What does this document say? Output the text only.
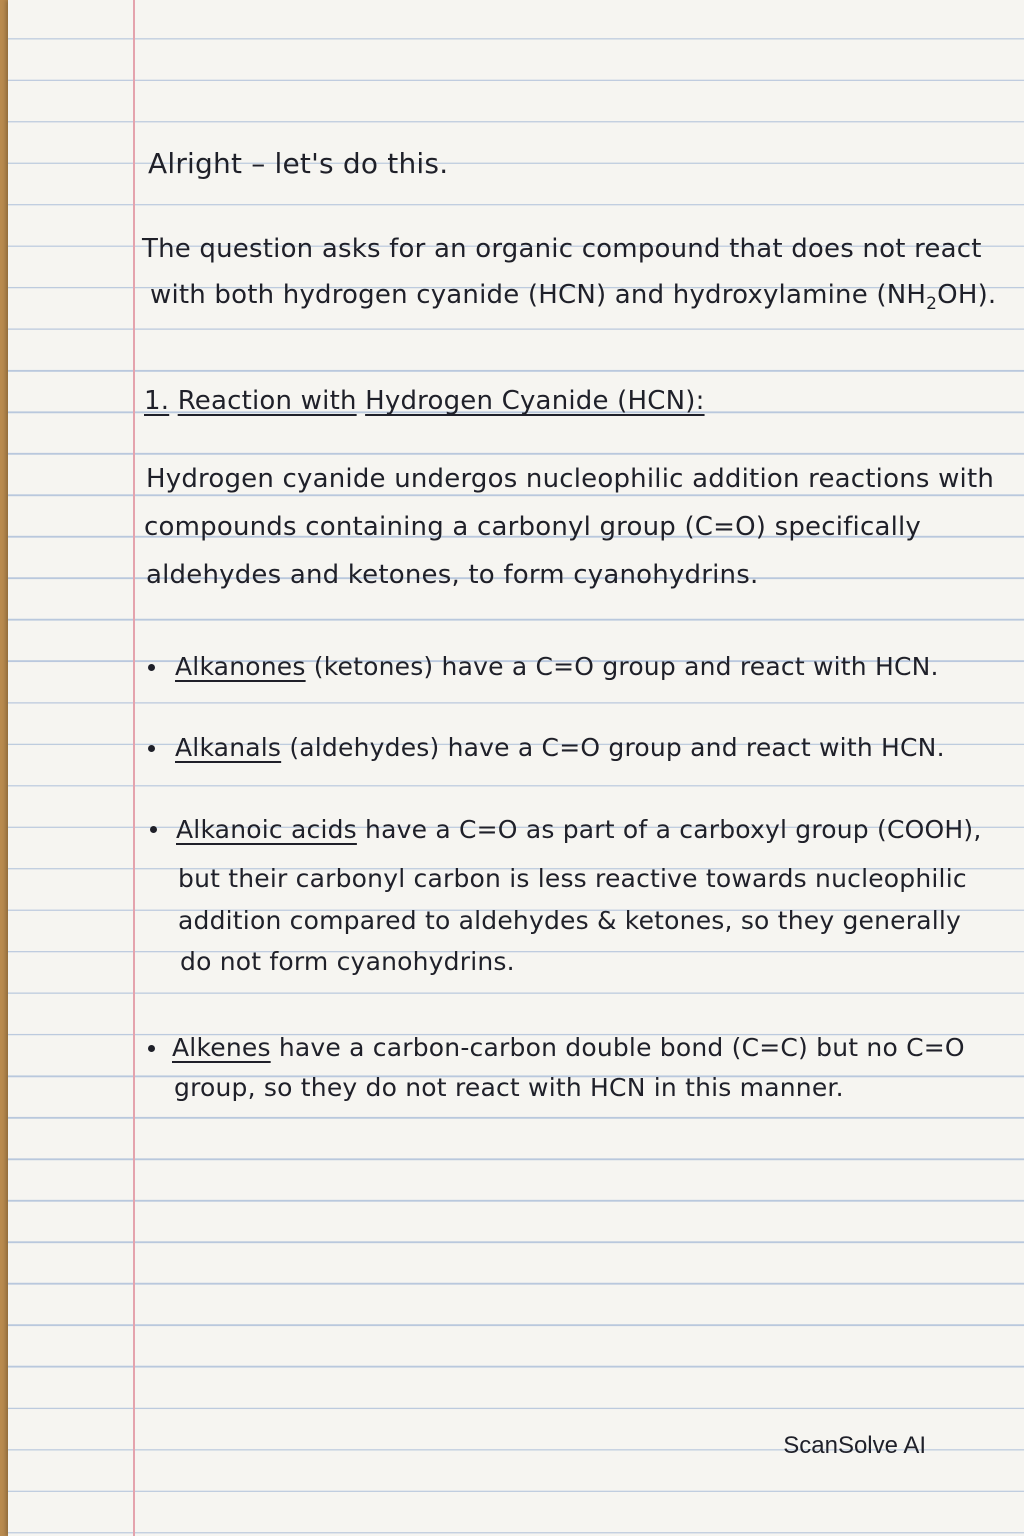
Alright – let's do this.
The question asks for an organic compound that does not react
with both hydrogen cyanide (HCN) and hydroxylamine $(NH_2OH)$.
1. Reaction with Hydrogen Cyanide (HCN):
Hydrogen cyanide undergos nucleophilic addition reactions with
compounds containing a carbonyl group (C=O) specifically
aldehydes and ketones, to form cyanohydrins.
Alkanones (ketones) have a C=O group and react with HCN.
Alkanals (aldehydes) have a C=O group and react with HCN.
Alkanoic acids have a C=O as part of a carboxyl group (COOH),
but their carbonyl carbon is less reactive towards nucleophilic
addition compared to aldehydes & ketones, so they generally
do not form cyanohydrins.
Alkenes have a carbon-carbon double bond (C=C) but no C=O
group, so they do not react with HCN in this manner.
ScanSolve AI
